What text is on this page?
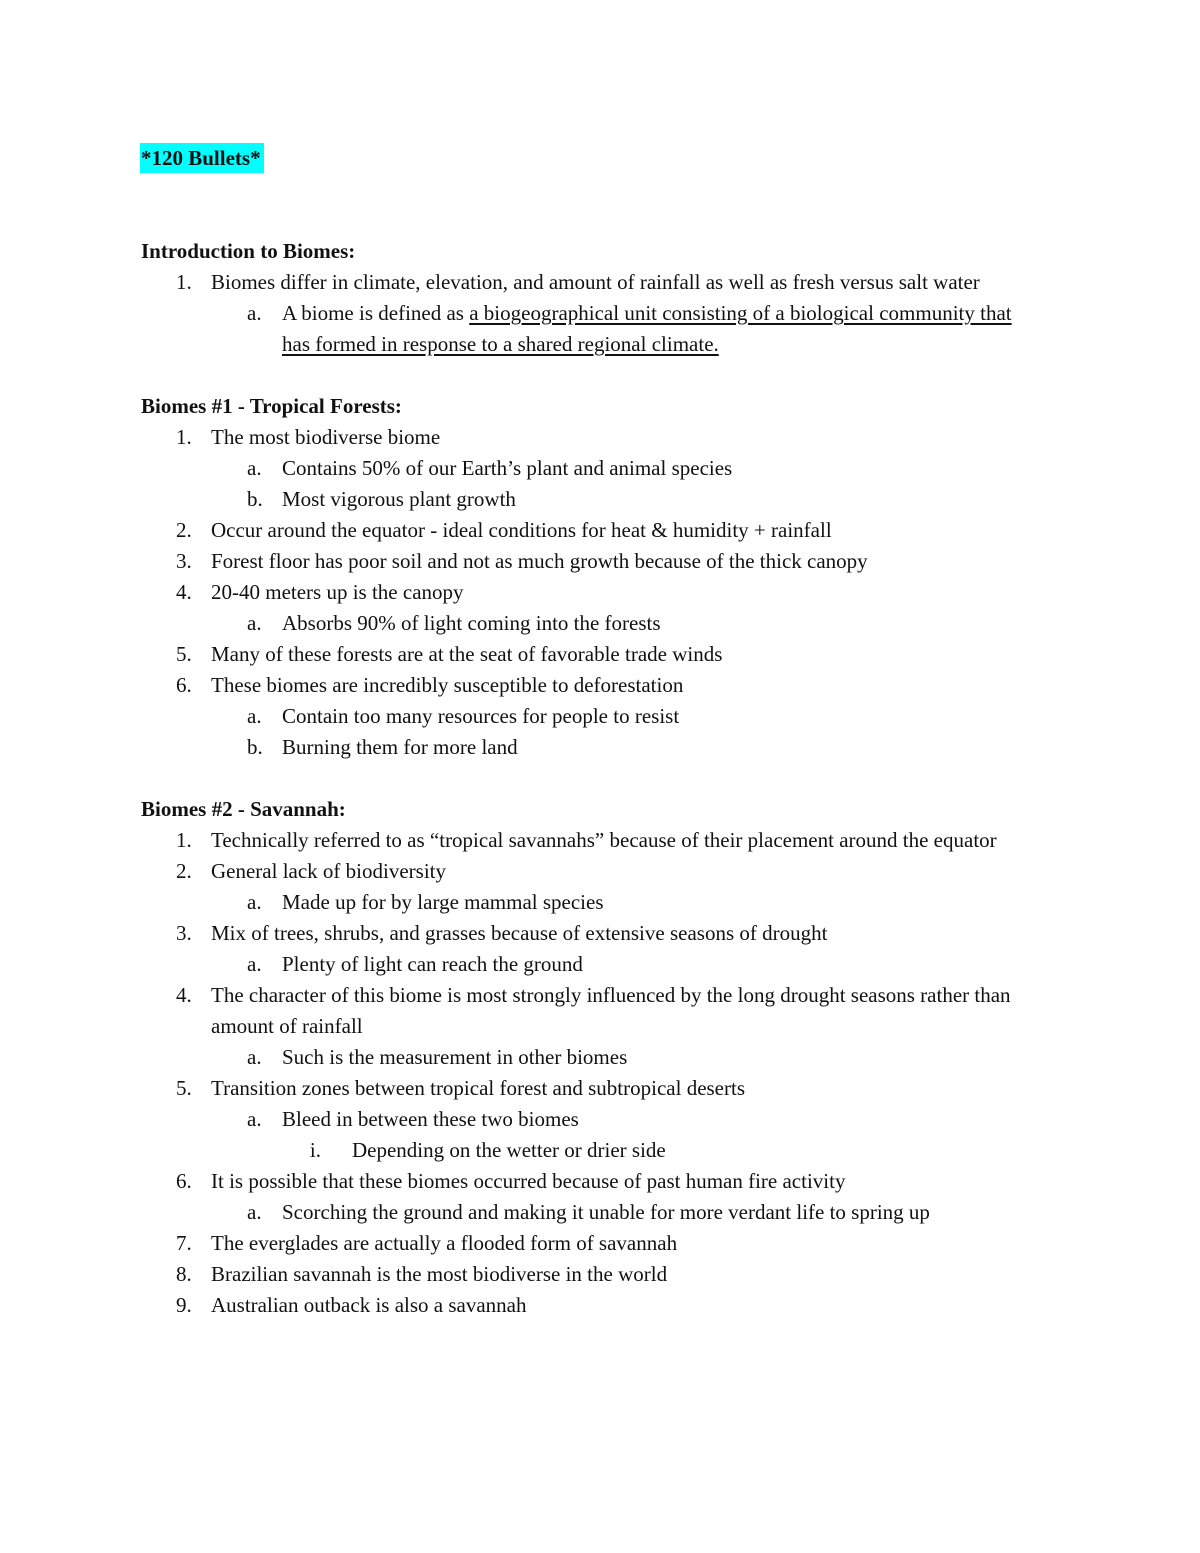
*120 Bullets*
Introduction to Biomes:
1. Biomes differ in climate, elevation, and amount of rainfall as well as fresh versus salt water
a. A biome is defined as a biogeographical unit consisting of a biological community that has formed in response to a shared regional climate.
Biomes #1 - Tropical Forests:
1. The most biodiverse biome
a. Contains 50% of our Earth’s plant and animal species
b. Most vigorous plant growth
2. Occur around the equator - ideal conditions for heat & humidity + rainfall
3. Forest floor has poor soil and not as much growth because of the thick canopy
4. 20-40 meters up is the canopy
a. Absorbs 90% of light coming into the forests
5. Many of these forests are at the seat of favorable trade winds
6. These biomes are incredibly susceptible to deforestation
a. Contain too many resources for people to resist
b. Burning them for more land
Biomes #2 - Savannah:
1. Technically referred to as “tropical savannahs” because of their placement around the equator
2. General lack of biodiversity
a. Made up for by large mammal species
3. Mix of trees, shrubs, and grasses because of extensive seasons of drought
a. Plenty of light can reach the ground
4. The character of this biome is most strongly influenced by the long drought seasons rather than amount of rainfall
a. Such is the measurement in other biomes
5. Transition zones between tropical forest and subtropical deserts
a. Bleed in between these two biomes
i. Depending on the wetter or drier side
6. It is possible that these biomes occurred because of past human fire activity
a. Scorching the ground and making it unable for more verdant life to spring up
7. The everglades are actually a flooded form of savannah
8. Brazilian savannah is the most biodiverse in the world
9. Australian outback is also a savannah
